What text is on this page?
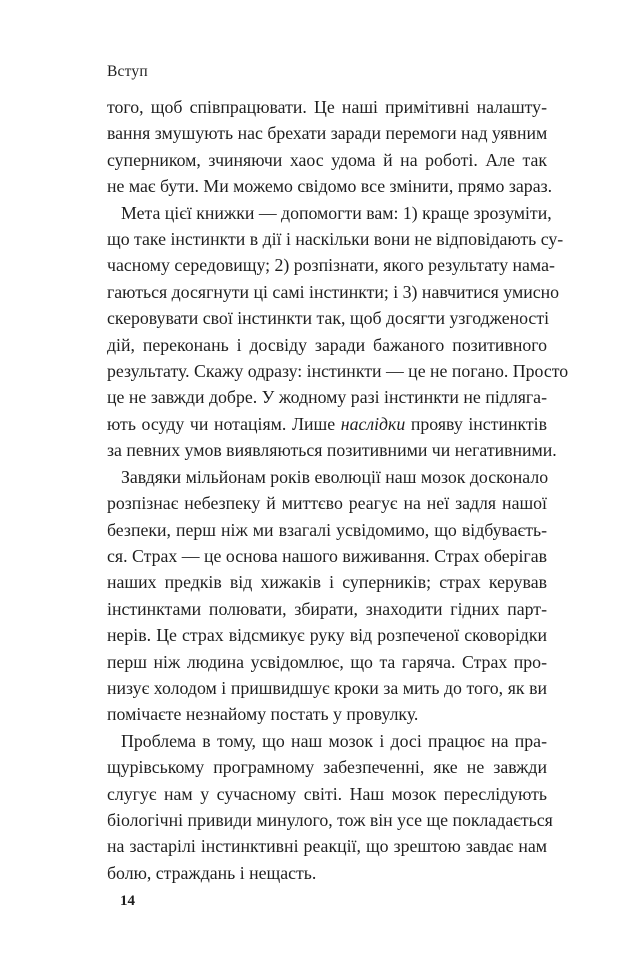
Вступ
того, щоб співпрацювати. Це наші примітивні налашту-
вання змушують нас брехати заради перемоги над уявним
суперником, зчиняючи хаос удома й на роботі. Але так
не має бути. Ми можемо свідомо все змінити, прямо зараз.
Мета цієї книжки — допомогти вам: 1) краще зрозуміти,
що таке інстинкти в дії і наскільки вони не відповідають су-
часному середовищу; 2) розпізнати, якого результату нама-
гаються досягнути ці самі інстинкти; і 3) навчитися умисно
скеровувати свої інстинкти так, щоб досягти узгодженості
дій, переконань і досвіду заради бажаного позитивного
результату. Скажу одразу: інстинкти — це не погано. Просто
це не завжди добре. У жодному разі інстинкти не підляга-
ють осуду чи нотаціям. Лише наслідки прояву інстинктів
за певних умов виявляються позитивними чи негативними.
Завдяки мільйонам років еволюції наш мозок досконало
розпізнає небезпеку й миттєво реагує на неї задля нашої
безпеки, перш ніж ми взагалі усвідомимо, що відбуваєть-
ся. Страх — це основа нашого виживання. Страх оберігав
наших предків від хижаків і суперників; страх керував
інстинктами полювати, збирати, знаходити гідних парт-
нерів. Це страх відсмикує руку від розпеченої сковорідки
перш ніж людина усвідомлює, що та гаряча. Страх про-
низує холодом і пришвидшує кроки за мить до того, як ви
помічаєте незнайому постать у провулку.
Проблема в тому, що наш мозок і досі працює на пра-
щурівському програмному забезпеченні, яке не завжди
слугує нам у сучасному світі. Наш мозок переслідують
біологічні привиди минулого, тож він усе ще покладається
на застарілі інстинктивні реакції, що зрештою завдає нам
болю, страждань і нещасть.
14
